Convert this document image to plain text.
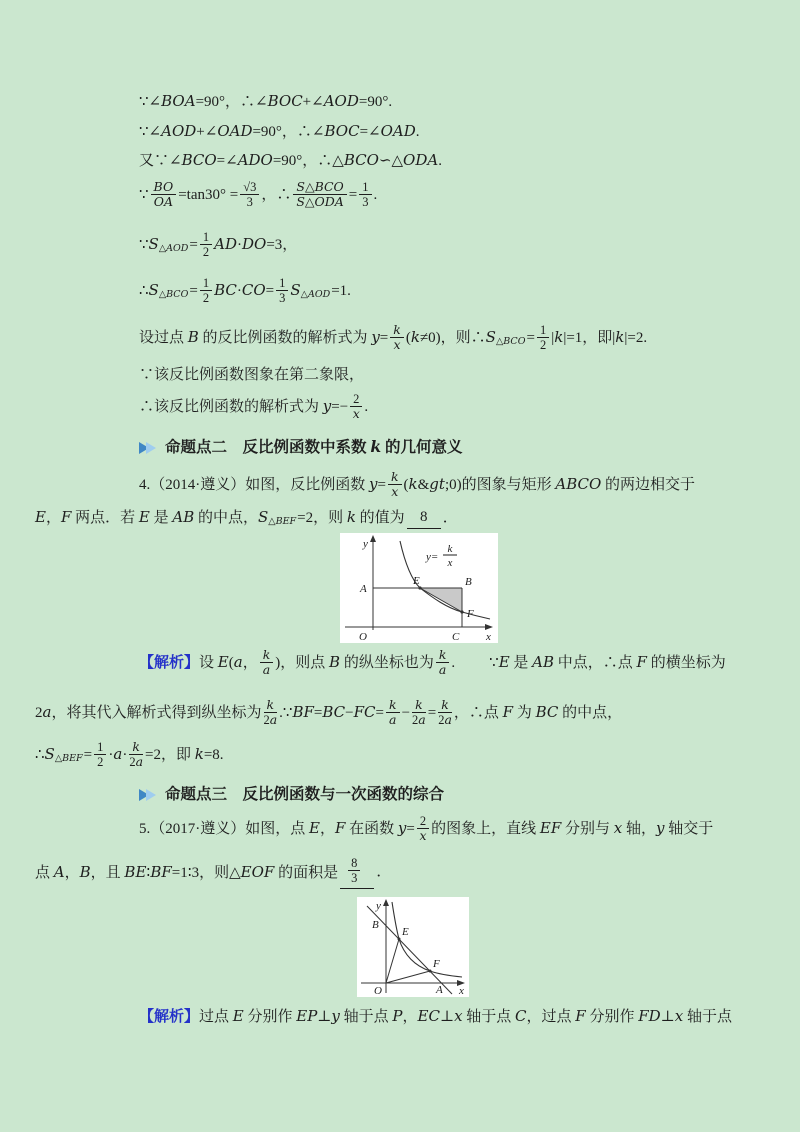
y=
k
x
y
x
O
A
B
C
E
F
y
x
O
B
E
F
A
∵∠BOA=90°，∴∠BOC+∠AOD=90°.
∵∠AOD+∠OAD=90°，∴∠BOC=∠OAD.
又∵∠BCO=∠ADO=90°，∴△BCO∽△ODA.
∵ $\frac{BO}{OA} =\tan 30^\circ = \frac{√3}{3}$ ，∴ $\frac{\text{S△BCO}}{\text{S△ODA}} = \frac{1}{3}$ .
$\because S_{\triangle AOD} = \frac{1}{2} AD\cdot DO=3$，
$\therefore S_{\triangle BCO} = \frac{1}{2} BC\cdot CO= \frac{1}{3} S_{\triangle AOD} =1$.
设过点 B 的反比例函数的解析式为 $y= \frac{k}{x} (k\ne 0)$，则$\therefore S_{\triangle BCO} = \frac{1}{2} |k|=1$，即|k|=2.
∵该反比例函数图象在第二象限，
∴该反比例函数的解析式为 $y=- \frac{2}{x}$ .
命题点二　反比例函数中系数 k 的几何意义
4.（2014·遵义）如图，反比例函数 $y= \frac{k}{x}$ (k&gt;0)的图象与矩形 ABCO 的两边相交于
E，F 两点．若 E 是 AB 的中点，$S_{\triangle BEF} =2$，则 k 的值为	8	．
【解析】 设 E(a， $\frac{k}{a}$ )，则点 B 的纵坐标也为 $\frac{k}{a}$ . ∵E 是 AB 中点，∴点 F 的横坐标为
2a，将其代入解析式得到纵坐标为 $\frac{k}{2a}$ .∵BF=BC−FC= $\frac{k}{a} - \frac{k}{2a} = \frac{k}{2a}$ ，∴点 F 为 BC 的中点，
$\therefore S_{\triangle BEF} = \frac{1}{2} \cdot a\cdot \frac{k}{2a} =2$，即 k=8.
命题点三　反比例函数与一次函数的综合
5.（2017·遵义）如图，点 E，F 在函数 $y= \frac{2}{x}$ 的图象上，直线 EF 分别与 x 轴，y 轴交于
点 A，B，且 BE∶BF=1∶3，则△EOF 的面积是 $\frac{8}{3}$ ．
【解析】 过点 E 分别作 EP⊥y 轴于点 P，EC⊥x 轴于点 C，过点 F 分别作 FD⊥x 轴于点
